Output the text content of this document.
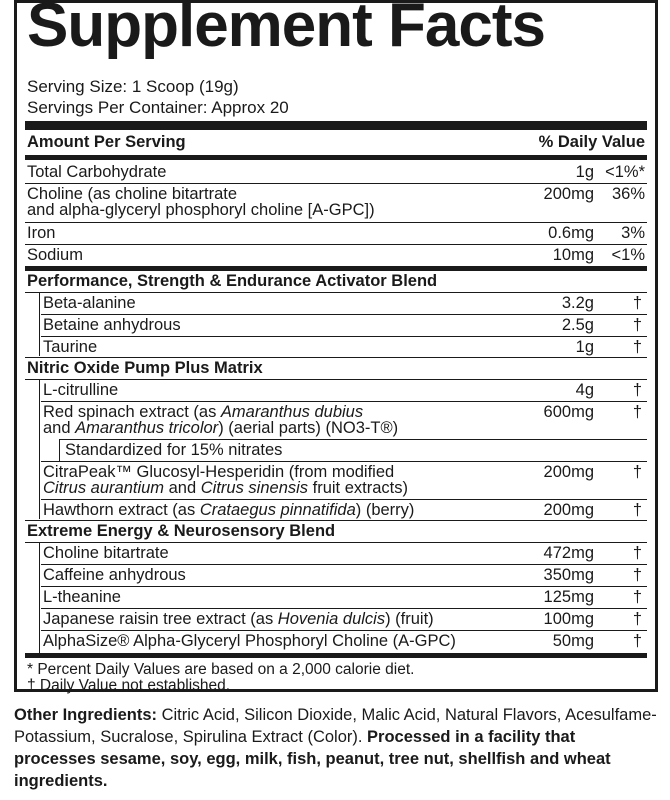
Supplement Facts
Serving Size: 1 Scoop (19g)
Servings Per Container: Approx 20
Amount Per Serving	% Daily Value
Total Carbohydrate	1g <1%*
Choline (as choline bitartrate
and alpha-glyceryl phosphoryl choline [A-GPC])
200mg	36%
Iron	0.6mg	3%
Sodium	10mg	<1%
Performance, Strength & Endurance Activator Blend
Beta-alanine	3.2g	†
Betaine anhydrous	2.5g	†
Taurine	1g	†
Nitric Oxide Pump Plus Matrix
L-citrulline	4g	†
Red spinach extract (as Amaranthus dubius
and Amaranthus tricolor) (aerial parts) (NO3-T®)
600mg	†
Standardized for 15% nitrates
CitraPeak™ Glucosyl-Hesperidin (from modified
Citrus aurantium and Citrus sinensis fruit extracts)
200mg	†
Hawthorn extract (as Crataegus pinnatifida) (berry)	200mg	†
Extreme Energy & Neurosensory Blend
Choline bitartrate	472mg	†
Caffeine anhydrous	350mg	†
L-theanine	125mg	†
Japanese raisin tree extract (as Hovenia dulcis) (fruit)	100mg	†
AlphaSize® Alpha-Glyceryl Phosphoryl Choline (A-GPC)	50mg	†
* Percent Daily Values are based on a 2,000 calorie diet.
† Daily Value not established.
Other Ingredients: Citric Acid, Silicon Dioxide, Malic Acid, Natural Flavors, Acesulfame-Potassium, Sucralose, Spirulina Extract (Color). Processed in a facility that processes sesame, soy, egg, milk, fish, peanut, tree nut, shellfish and wheat ingredients.
